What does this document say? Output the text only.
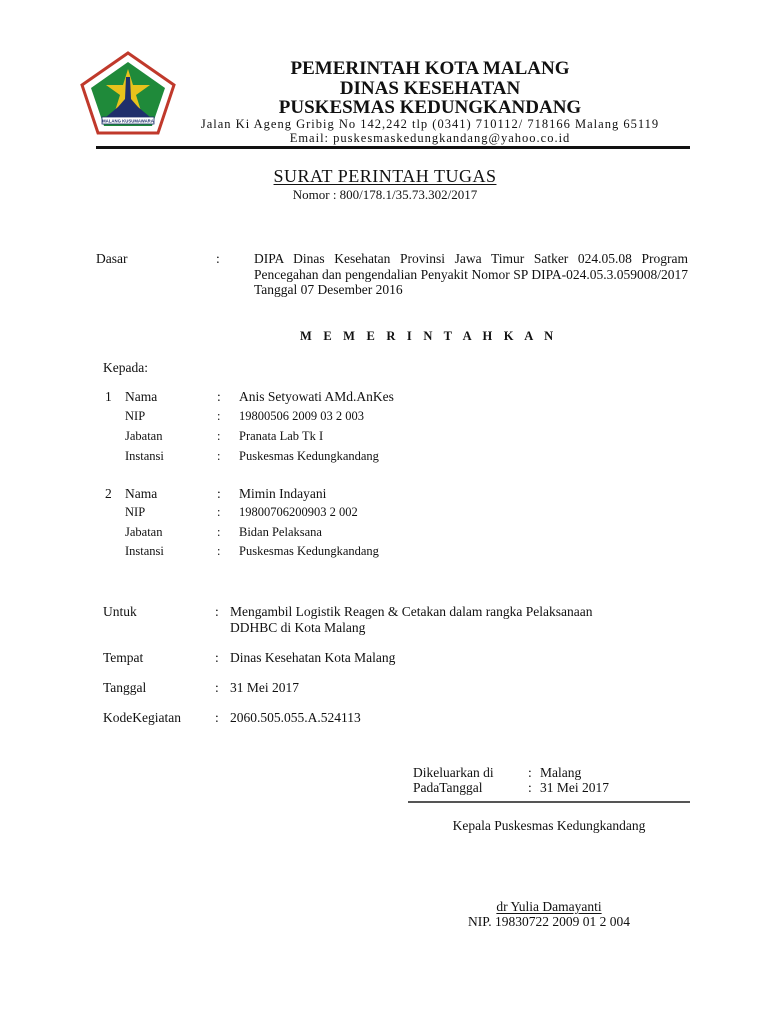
MALANG KUSUMAWARA
PEMERINTAH KOTA MALANG
DINAS KESEHATAN
PUSKESMAS KEDUNGKANDANG
Jalan Ki Ageng Gribig No 142,242 tlp (0341) 710112/ 718166 Malang 65119
Email: puskesmaskedungkandang@yahoo.co.id
SURAT PERINTAH TUGAS
Nomor : 800/178.1/35.73.302/2017
Dasar	:	DIPA Dinas Kesehatan Provinsi Jawa Timur Satker 024.05.08 Program Pencegahan dan pengendalian Penyakit Nomor SP DIPA-024.05.3.059008/2017 Tanggal 07 Desember 2016
M E M E R I N T A H K A N
Kepada:
1 Nama	: Anis Setyowati AMd.AnKes
NIP	: 19800506 2009 03 2 003
Jabatan	: Pranata Lab Tk I
Instansi	: Puskesmas Kedungkandang
2 Nama	: Mimin Indayani
NIP	: 19800706200903 2 002
Jabatan	: Bidan Pelaksana
Instansi	: Puskesmas Kedungkandang
Untuk	: Mengambil Logistik Reagen & Cetakan dalam rangka Pelaksanaan
DDHBC di Kota Malang
Tempat	: Dinas Kesehatan Kota Malang
Tanggal	: 31 Mei 2017
KodeKegiatan	: 2060.505.055.A.524113
Dikeluarkan di	: Malang
PadaTanggal	: 31 Mei 2017
Kepala Puskesmas Kedungkandang
dr Yulia Damayanti
NIP. 19830722 2009 01 2 004
